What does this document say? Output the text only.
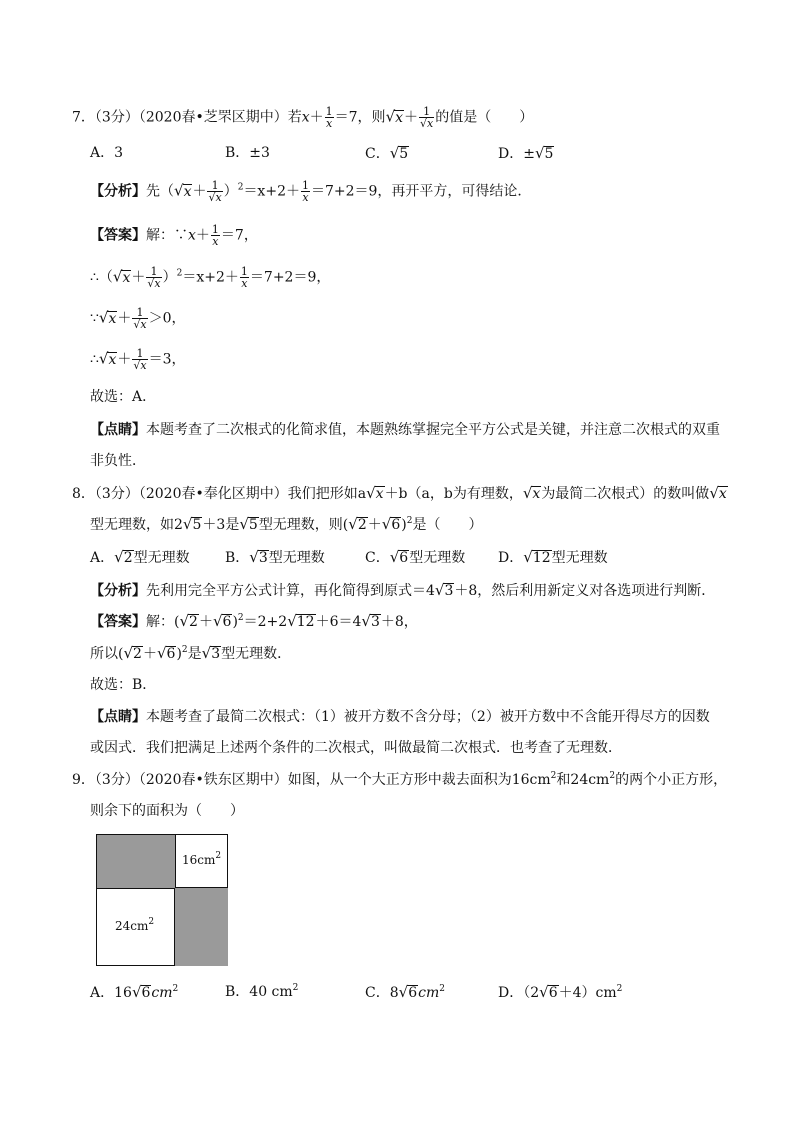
7．（3分）（2020春•芝罘区期中）若$x+ \frac{1}{x} =7$，则$√x+ \frac{1}{√x}$ 的值是（　　）
A．3	B．±3	C．√5	D．±√5
【分析】先$(√x+ \frac{1}{√x} )^2=x+2+ \frac{1}{x} =7+2=9$，再开平方，可得结论．
【答案】解：∵x＋ $\frac{1}{x} =7$，
∴（√x＋ $\frac{1}{√x} )^2=x+2+ \frac{1}{x} =7+2=9$，
∵√x＋ $\frac{1}{√x} >0$，
∴√x＋ $\frac{1}{√x} =3$，
故选：A．
【点睛】本题考查了二次根式的化简求值，本题熟练掌握完全平方公式是关键，并注意二次根式的双重
非负性．
8．（3分）（2020春•奉化区期中）我们把形如a√x＋b（a，b为有理数，√x为最简二次根式）的数叫做√x
型无理数，如2√5＋3是√5型无理数，则$(√2+√6)^2$是（　　）
A．√2型无理数	B．√3型无理数	C．√6型无理数 D．√12型无理数
【分析】先利用完全平方公式计算，再化简得到原式＝4√3＋8，然后利用新定义对各选项进行判断．
【答案】解：$(√2+√6)^2=2+2√12+6=4√3+8$，
所以$(√2+√6)^2$是√3型无理数．
故选：B．
【点睛】本题考查了最简二次根式：（1）被开方数不含分母；（2）被开方数中不含能开得尽方的因数
或因式．我们把满足上述两个条件的二次根式，叫做最简二次根式．也考查了无理数．
9．（3分）（2020春•铁东区期中）如图，从一个大正方形中裁去面积为$16cm^2$和$24cm^2$的两个小正方形，
则余下的面积为（　　）
$16cm^2$
$24cm^2$
A．$16√6cm^2$	B．40 $cm^2$	C．$8√6cm^2$	D．$(2√6+4)cm^2$
